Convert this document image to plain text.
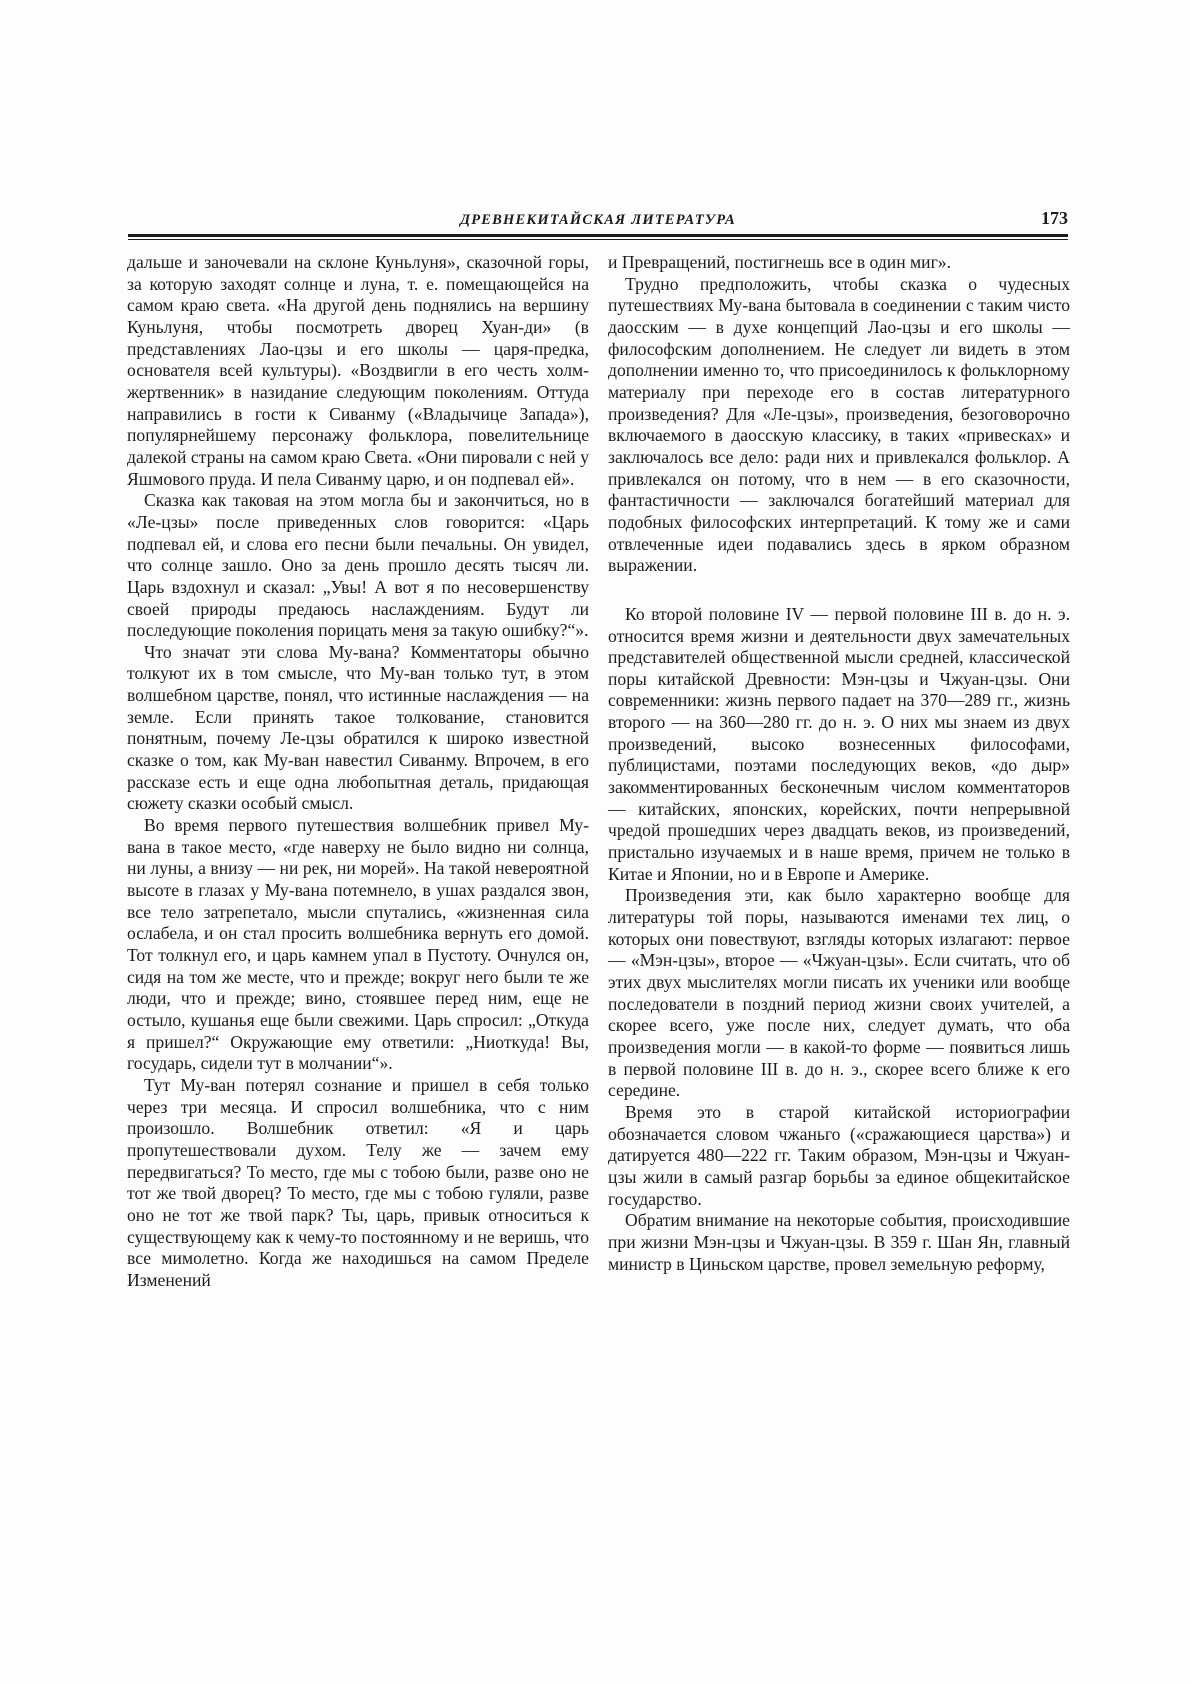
ДРЕВНЕКИТАЙСКАЯ ЛИТЕРАТУРА	173

дальше и заночевали на склоне Куньлуня», сказочной горы, за которую заходят солнце и луна, т. е. помещающейся на самом краю света. «На другой день поднялись на вершину Куньлуня, чтобы посмотреть дворец Хуан-ди» (в представлениях Лао-цзы и его школы — царя-предка, основателя всей культуры). «Воздвигли в его честь холм-жертвенник» в назидание следующим поколениям. Оттуда направились в гости к Сиванму («Владычице Запада»), популярнейшему персонажу фольклора, повелительнице далекой страны на самом краю Света. «Они пировали с ней у Яшмового пруда. И пела Сиванму царю, и он подпевал ей».

Сказка как таковая на этом могла бы и закончиться, но в «Ле-цзы» после приведенных слов говорится: «Царь подпевал ей, и слова его песни были печальны. Он увидел, что солнце зашло. Оно за день прошло десять тысяч ли. Царь вздохнул и сказал: „Увы! А вот я по несовершенству своей природы предаюсь наслаждениям. Будут ли последующие поколения порицать меня за такую ошибку?“».

Что значат эти слова Му-вана? Комментаторы обычно толкуют их в том смысле, что Му-ван только тут, в этом волшебном царстве, понял, что истинные наслаждения — на земле. Если принять такое толкование, становится понятным, почему Ле-цзы обратился к широко известной сказке о том, как Му-ван навестил Сиванму. Впрочем, в его рассказе есть и еще одна любопытная деталь, придающая сюжету сказки особый смысл.

Во время первого путешествия волшебник привел Му-вана в такое место, «где наверху не было видно ни солнца, ни луны, а внизу — ни рек, ни морей». На такой невероятной высоте в глазах у Му-вана потемнело, в ушах раздался звон, все тело затрепетало, мысли спутались, «жизненная сила ослабела, и он стал просить волшебника вернуть его домой. Тот толкнул его, и царь камнем упал в Пустоту. Очнулся он, сидя на том же месте, что и прежде; вокруг него были те же люди, что и прежде; вино, стоявшее перед ним, еще не остыло, кушанья еще были свежими. Царь спросил: „Откуда я пришел?“ Окружающие ему ответили: „Ниоткуда! Вы, государь, сидели тут в молчании“».

Тут Му-ван потерял сознание и пришел в себя только через три месяца. И спросил волшебника, что с ним произошло. Волшебник ответил: «Я и царь пропутешествовали духом. Телу же — зачем ему передвигаться? То место, где мы с тобою были, разве оно не тот же твой дворец? То место, где мы с тобою гуляли, разве оно не тот же твой парк? Ты, царь, привык относиться к существующему как к чему-то постоянному и не веришь, что все мимолетно. Когда же находишься на самом Пределе Изменений

и Превращений, постигнешь все в один миг».

Трудно предположить, чтобы сказка о чудесных путешествиях Му-вана бытовала в соединении с таким чисто даосским — в духе концепций Лао-цзы и его школы — философским дополнением. Не следует ли видеть в этом дополнении именно то, что присоединилось к фольклорному материалу при переходе его в состав литературного произведения? Для «Ле-цзы», произведения, безоговорочно включаемого в даосскую классику, в таких «привесках» и заключалось все дело: ради них и привлекался фольклор. А привлекался он потому, что в нем — в его сказочности, фантастичности — заключался богатейший материал для подобных философских интерпретаций. К тому же и сами отвлеченные идеи подавались здесь в ярком образном выражении.

Ко второй половине IV — первой половине III в. до н. э. относится время жизни и деятельности двух замечательных представителей общественной мысли средней, классической поры китайской Древности: Мэн-цзы и Чжуан-цзы. Они современники: жизнь первого падает на 370—289 гг., жизнь второго — на 360—280 гг. до н. э. О них мы знаем из двух произведений, высоко вознесенных философами, публицистами, поэтами последующих веков, «до дыр» закомментированных бесконечным числом комментаторов — китайских, японских, корейских, почти непрерывной чредой прошедших через двадцать веков, из произведений, пристально изучаемых и в наше время, причем не только в Китае и Японии, но и в Европе и Америке.

Произведения эти, как было характерно вообще для литературы той поры, называются именами тех лиц, о которых они повествуют, взгляды которых излагают: первое — «Мэн-цзы», второе — «Чжуан-цзы». Если считать, что об этих двух мыслителях могли писать их ученики или вообще последователи в поздний период жизни своих учителей, а скорее всего, уже после них, следует думать, что оба произведения могли — в какой-то форме — появиться лишь в первой половине III в. до н. э., скорее всего ближе к его середине.

Время это в старой китайской историографии обозначается словом чжаньго («сражающиеся царства») и датируется 480—222 гг. Таким образом, Мэн-цзы и Чжуан-цзы жили в самый разгар борьбы за единое общекитайское государство.

Обратим внимание на некоторые события, происходившие при жизни Мэн-цзы и Чжуан-цзы. В 359 г. Шан Ян, главный министр в Циньском царстве, провел земельную реформу,
